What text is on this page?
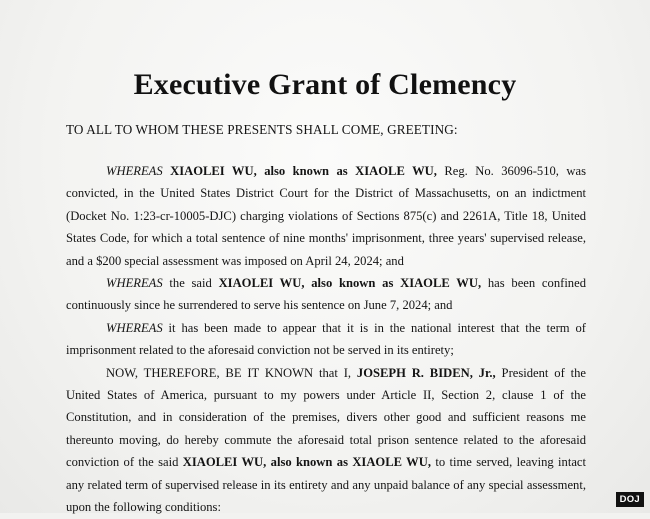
Executive Grant of Clemency
TO ALL TO WHOM THESE PRESENTS SHALL COME, GREETING:

WHEREAS XIAOLEI WU, also known as XIAOLE WU, Reg. No. 36096-510, was convicted, in the United States District Court for the District of Massachusetts, on an indictment (Docket No. 1:23-cr-10005-DJC) charging violations of Sections 875(c) and 2261A, Title 18, United States Code, for which a total sentence of nine months' imprisonment, three years' supervised release, and a $200 special assessment was imposed on April 24, 2024; and

WHEREAS the said XIAOLEI WU, also known as XIAOLE WU, has been confined continuously since he surrendered to serve his sentence on June 7, 2024; and

WHEREAS it has been made to appear that it is in the national interest that the term of imprisonment related to the aforesaid conviction not be served in its entirety;

NOW, THEREFORE, BE IT KNOWN that I, JOSEPH R. BIDEN, Jr., President of the United States of America, pursuant to my powers under Article II, Section 2, clause 1 of the Constitution, and in consideration of the premises, divers other good and sufficient reasons me thereunto moving, do hereby commute the aforesaid total prison sentence related to the aforesaid conviction of the said XIAOLEI WU, also known as XIAOLE WU, to time served, leaving intact any related term of supervised release in its entirety and any unpaid balance of any special assessment, upon the following conditions:

DOJ
